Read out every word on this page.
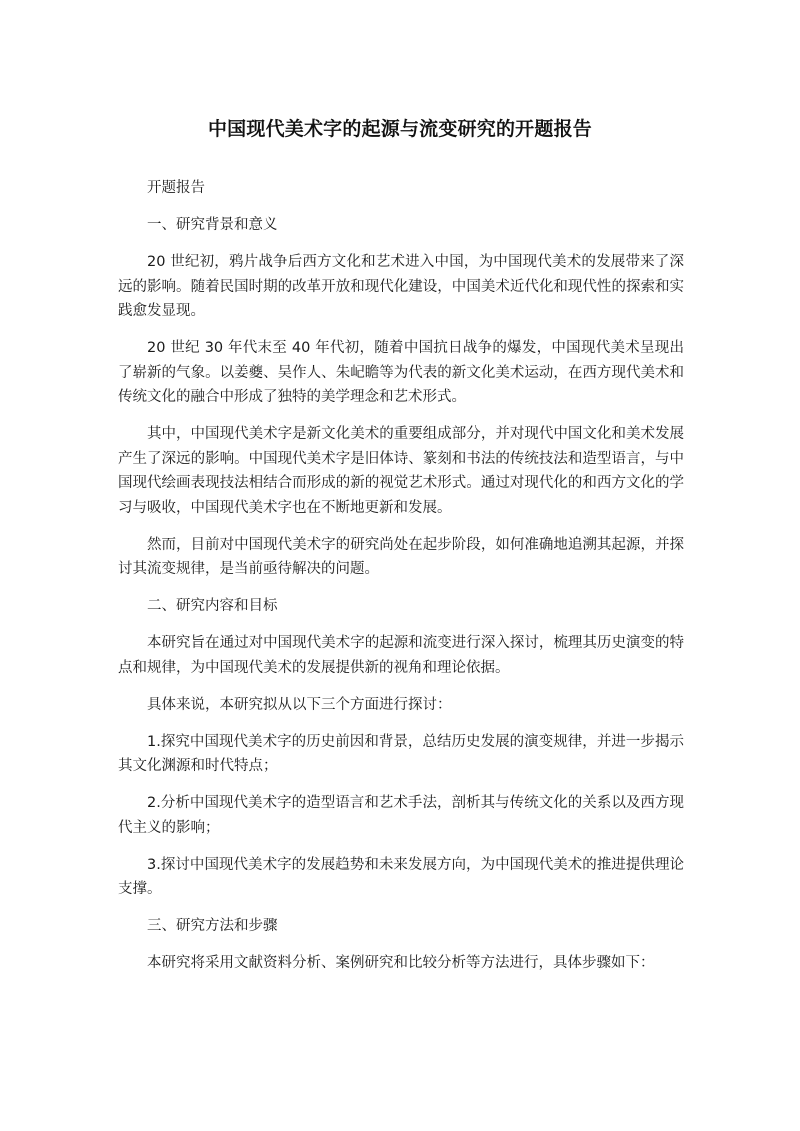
中国现代美术字的起源与流变研究的开题报告

开题报告

一、研究背景和意义

20 世纪初，鸦片战争后西方文化和艺术进入中国，为中国现代美术的发展带来了深远的影响。随着民国时期的改革开放和现代化建设，中国美术近代化和现代性的探索和实践愈发显现。

20 世纪 30 年代末至 40 年代初，随着中国抗日战争的爆发，中国现代美术呈现出了崭新的气象。以姜夔、吴作人、朱屺瞻等为代表的新文化美术运动，在西方现代美术和传统文化的融合中形成了独特的美学理念和艺术形式。

其中，中国现代美术字是新文化美术的重要组成部分，并对现代中国文化和美术发展产生了深远的影响。中国现代美术字是旧体诗、篆刻和书法的传统技法和造型语言，与中国现代绘画表现技法相结合而形成的新的视觉艺术形式。通过对现代化的和西方文化的学习与吸收，中国现代美术字也在不断地更新和发展。

然而，目前对中国现代美术字的研究尚处在起步阶段，如何准确地追溯其起源，并探讨其流变规律，是当前亟待解决的问题。

二、研究内容和目标

本研究旨在通过对中国现代美术字的起源和流变进行深入探讨，梳理其历史演变的特点和规律，为中国现代美术的发展提供新的视角和理论依据。

具体来说，本研究拟从以下三个方面进行探讨：

1.探究中国现代美术字的历史前因和背景，总结历史发展的演变规律，并进一步揭示其文化渊源和时代特点；

2.分析中国现代美术字的造型语言和艺术手法，剖析其与传统文化的关系以及西方现代主义的影响；

3.探讨中国现代美术字的发展趋势和未来发展方向，为中国现代美术的推进提供理论支撑。

三、研究方法和步骤

本研究将采用文献资料分析、案例研究和比较分析等方法进行，具体步骤如下：
